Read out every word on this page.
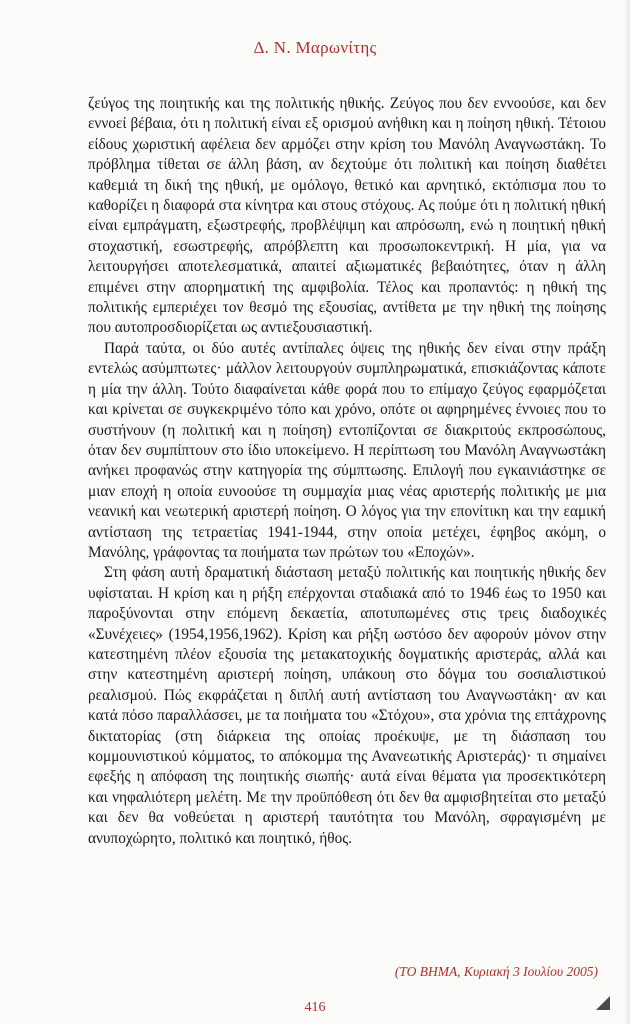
Δ. Ν. Μαρωνίτης

ζεύγος της ποιητικής και της πολιτικής ηθικής. Ζεύγος που δεν εννοούσε, και δεν εννοεί βέβαια, ότι η πολιτική είναι εξ ορισμού ανήθικη και η ποίηση ηθική. Τέτοιου είδους χωριστική αφέλεια δεν αρμόζει στην κρίση του Μανόλη Αναγνωστάκη. Το πρόβλημα τίθεται σε άλλη βάση, αν δεχτούμε ότι πολιτική και ποίηση διαθέτει καθεμιά τη δική της ηθική, με ομόλογο, θετικό και αρνητικό, εκτόπισμα που το καθορίζει η διαφορά στα κίνητρα και στους στόχους. Ας πούμε ότι η πολιτική ηθική είναι εμπράγματη, εξωστρεφής, προβλέψιμη και απρόσωπη, ενώ η ποιητική ηθική στοχαστική, εσωστρεφής, απρόβλεπτη και προσωποκεντρική. Η μία, για να λειτουργήσει αποτελεσματικά, απαιτεί αξιωματικές βεβαιότητες, όταν η άλλη επιμένει στην απορηματική της αμφιβολία. Τέλος και προπαντός: η ηθική της πολιτικής εμπεριέχει τον θεσμό της εξουσίας, αντίθετα με την ηθική της ποίησης που αυτοπροσδιορίζεται ως αντιεξουσιαστική.

Παρά ταύτα, οι δύο αυτές αντίπαλες όψεις της ηθικής δεν είναι στην πράξη εντελώς ασύμπτωτες· μάλλον λειτουργούν συμπληρωματικά, επισκιάζοντας κάποτε η μία την άλλη. Τούτο διαφαίνεται κάθε φορά που το επίμαχο ζεύγος εφαρμόζεται και κρίνεται σε συγκεκριμένο τόπο και χρόνο, οπότε οι αφηρημένες έννοιες που το συστήνουν (η πολιτική και η ποίηση) εντοπίζονται σε διακριτούς εκπροσώπους, όταν δεν συμπίπτουν στο ίδιο υποκείμενο. Η περίπτωση του Μανόλη Αναγνωστάκη ανήκει προφανώς στην κατηγορία της σύμπτωσης. Επιλογή που εγκαινιάστηκε σε μιαν εποχή η οποία ευνοούσε τη συμμαχία μιας νέας αριστερής πολιτικής με μια νεανική και νεωτερική αριστερή ποίηση. Ο λόγος για την επονίτικη και την εαμική αντίσταση της τετραετίας 1941-1944, στην οποία μετέχει, έφηβος ακόμη, ο Μανόλης, γράφοντας τα ποιήματα των πρώτων του «Εποχών».

Στη φάση αυτή δραματική διάσταση μεταξύ πολιτικής και ποιητικής ηθικής δεν υφίσταται. Η κρίση και η ρήξη επέρχονται σταδιακά από το 1946 έως το 1950 και παροξύνονται στην επόμενη δεκαετία, αποτυπωμένες στις τρεις διαδοχικές «Συνέχειες» (1954,1956,1962). Κρίση και ρήξη ωστόσο δεν αφορούν μόνον στην κατεστημένη πλέον εξουσία της μετακατοχικής δογματικής αριστεράς, αλλά και στην κατεστημένη αριστερή ποίηση, υπάκουη στο δόγμα του σοσιαλιστικού ρεαλισμού. Πώς εκφράζεται η διπλή αυτή αντίσταση του Αναγνωστάκη· αν και κατά πόσο παραλλάσσει, με τα ποιήματα του «Στόχου», στα χρόνια της επτάχρονης δικτατορίας (στη διάρκεια της οποίας προέκυψε, με τη διάσπαση του κομμουνιστικού κόμματος, το απόκομμα της Ανανεωτικής Αριστεράς)· τι σημαίνει εφεξής η απόφαση της ποιητικής σιωπής· αυτά είναι θέματα για προσεκτικότερη και νηφαλιότερη μελέτη. Με την προϋπόθεση ότι δεν θα αμφισβητείται στο μεταξύ και δεν θα νοθεύεται η αριστερή ταυτότητα του Μανόλη, σφραγισμένη με ανυποχώρητο, πολιτικό και ποιητικό, ήθος.

(ΤΟ ΒΗΜΑ, Κυριακή 3 Ιουλίου 2005)
416
